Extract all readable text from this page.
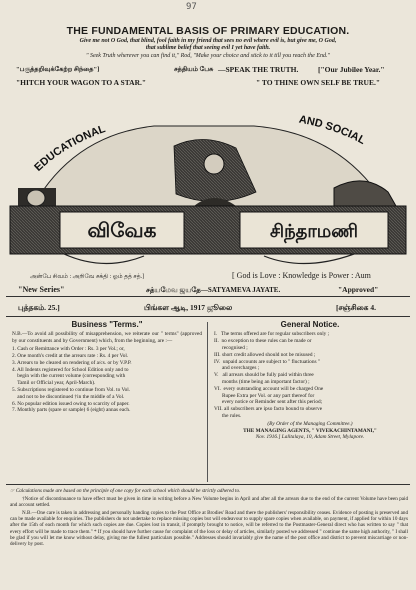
97
THE FUNDAMENTAL BASIS OF PRIMARY EDUCATION.
Give me not O God, that blind, fool faith in my friend that sees no evil where evil is, but give me, O God,
that sublime belief that seeing evil I yet have faith.
" Seek Truth wherever you can find it," Rod, "Make your choice and stick to it till you reach the End."
"பகுத்தறிவுக்கேற்ற சிந்தை"]	சத்தியம் பேசு —SPEAK THE TRUTH.	["Our Jubilee Year."
"HITCH YOUR WAGON TO A STAR."	" TO THINE OWN SELF BE TRUE."
EDUCATIONAL
AND SOCIAL
விவேக	சிந்தாமணி
அன்பே சிவம் : அறிவே சக்தி : ஓம் தத் சத்.]	[ God is Love : Knowledge is Power : Aum
"New Series"	சத்யமேவ ஜயதே—SATYAMEVA JAYATE.	"Approved"
புத்தகம். 25.]	பிங்கள ஆடி, 1917 ஜூலை	[சஞ்சிகை 4.
Business "Terms."
N.B.—To avoid all possibility of misapprehension, we reiterate our " terms" (approved by our constituents and by Government) which, from the beginning, are :—
1. Cash or Remittance with Order : Rs. 3 per Vol.; or,
2. One month's credit at the arrears rate : Rs. 4 per Vol.
3. Arrears to be cleared on rendering of a/cs. or by V.P.P.
4. All Indents registered for School Edition only and to
begin with the current volume (corresponding with
Tamil or Official year, April-March).
5. Subscriptions registered to continue from Vol. to Vol.
and not to be discontinued †in the middle of a Vol.
6. No popular edition issued owing to scarcity of paper.
7. Monthly parts (spare or sample) 6 (eight) annas each.
General Notice.
I.   The terms offered are for regular subscribers only ;
II.  no exception to these rules can be made or
recognised ;
III. short credit allowed should not be misused ;
IV.  unpaid accounts are subject to " fluctuations "
and overcharges ;
V.   all arrears should be fully paid within three
months (time being an important factor) ;
VI.  every outstanding account will be charged One
Rupee Extra per Vol. or any part thereof for
every notice or Reminder sent after this period;
VII. all subscribers are ipso facto bound to observe
the rules.
(By Order of the Managing Committee.)
THE MANAGING AGENTS, " VIVEKACHINTAMANI,"
Nov. 1916.] Lalitalaya, 10, Adam Street, Mylapore.
☞ Calculations made are based on the principle of one copy for each school which should be strictly adhered to.
†Notice of discontinuance to have effect must be given in time in writing before a New Volume begins in April and after all the arrears due to the end of the current Volume have been paid and account settled.
N.B.—One care is taken in addressing and personally handing copies to the Post Office at Brodies' Road and there the publishers' responsibility ceases. Evidence of posting is preserved and can be made available for enquiries. The publishers do not undertake to replace missing copies but will endeavour to supply spare copies when available, on payment, if applied for within 10 days after the 15th of each month for which such copies are due. Copies lost in transit, if promptly brought to notice, will be referred to the Postmaster-General direct who has written to say " that every effort will be made to trace them." * If you should have further cause for complaint of the loss or delay of articles, similarly posted we addressed " continue the same high authority, " I shall be glad if you will let me know without delay, giving me the fullest particulars possible." Addresses should invariably give the name of the post office and district to prevent miscarriage or non-delivery by post.
